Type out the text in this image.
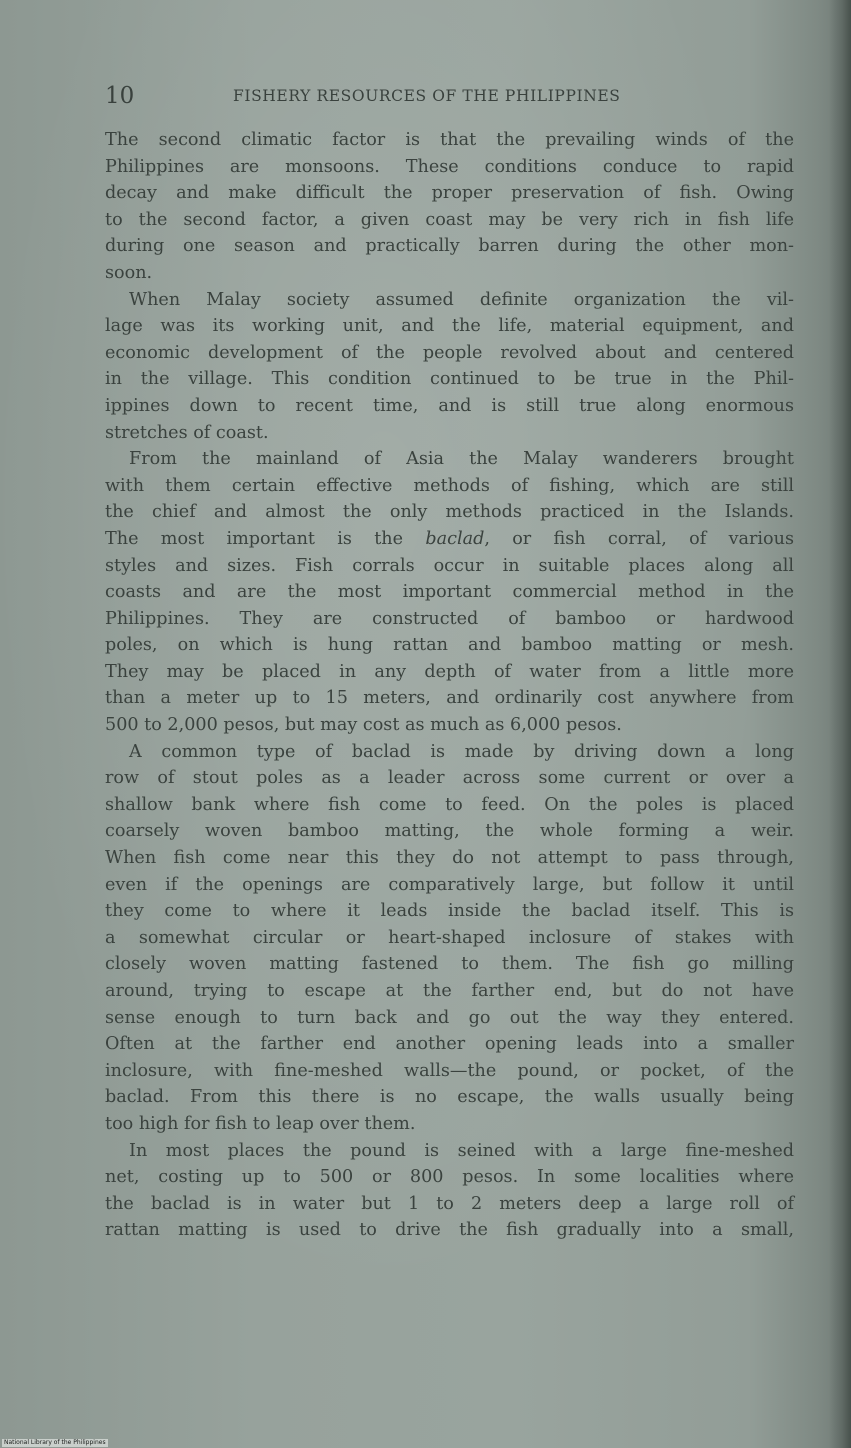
10	FISHERY RESOURCES OF THE PHILIPPINES
The second climatic factor is that the prevailing winds of the
Philippines are monsoons. These conditions conduce to rapid
decay and make difficult the proper preservation of fish. Owing
to the second factor, a given coast may be very rich in fish life
during one season and practically barren during the other mon-
soon.
When Malay society assumed definite organization the vil-
lage was its working unit, and the life, material equipment, and
economic development of the people revolved about and centered
in the village. This condition continued to be true in the Phil-
ippines down to recent time, and is still true along enormous
stretches of coast.
From the mainland of Asia the Malay wanderers brought
with them certain effective methods of fishing, which are still
the chief and almost the only methods practiced in the Islands.
The most important is the baclad, or fish corral, of various
styles and sizes. Fish corrals occur in suitable places along all
coasts and are the most important commercial method in the
Philippines. They are constructed of bamboo or hardwood
poles, on which is hung rattan and bamboo matting or mesh.
They may be placed in any depth of water from a little more
than a meter up to 15 meters, and ordinarily cost anywhere from
500 to 2,000 pesos, but may cost as much as 6,000 pesos.
A common type of baclad is made by driving down a long
row of stout poles as a leader across some current or over a
shallow bank where fish come to feed. On the poles is placed
coarsely woven bamboo matting, the whole forming a weir.
When fish come near this they do not attempt to pass through,
even if the openings are comparatively large, but follow it until
they come to where it leads inside the baclad itself. This is
a somewhat circular or heart-shaped inclosure of stakes with
closely woven matting fastened to them. The fish go milling
around, trying to escape at the farther end, but do not have
sense enough to turn back and go out the way they entered.
Often at the farther end another opening leads into a smaller
inclosure, with fine-meshed walls—the pound, or pocket, of the
baclad. From this there is no escape, the walls usually being
too high for fish to leap over them.
In most places the pound is seined with a large fine-meshed
net, costing up to 500 or 800 pesos. In some localities where
the baclad is in water but 1 to 2 meters deep a large roll of
rattan matting is used to drive the fish gradually into a small,
National Library of the Philippines
